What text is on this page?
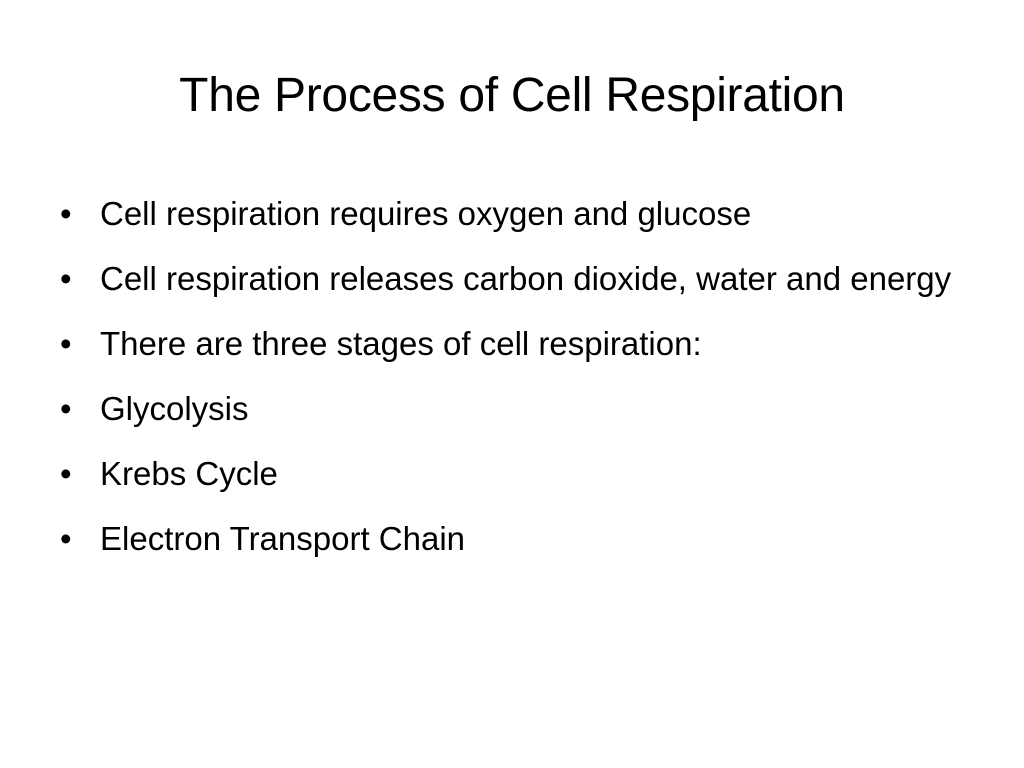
The Process of Cell Respiration
• Cell respiration requires oxygen and glucose
• Cell respiration releases carbon dioxide, water and energy
• There are three stages of cell respiration:
• Glycolysis
• Krebs Cycle
• Electron Transport Chain
